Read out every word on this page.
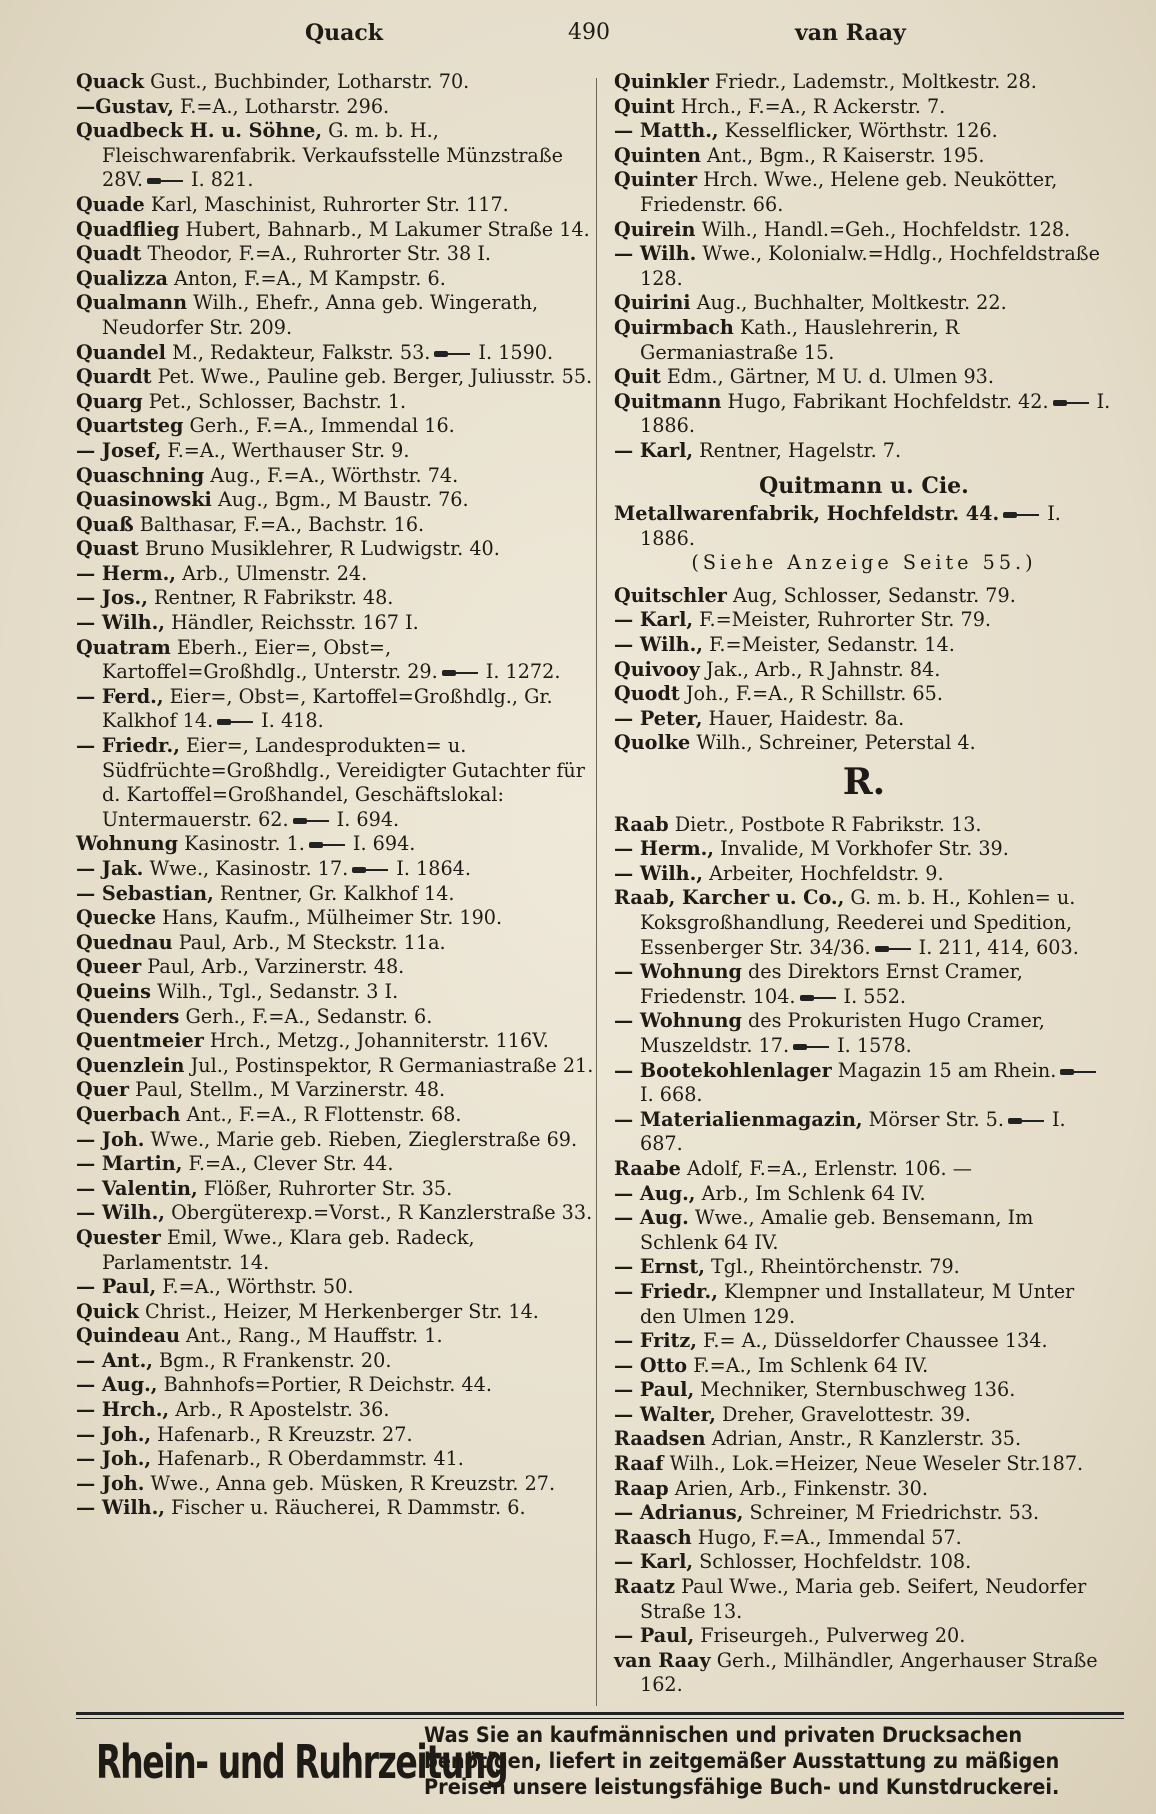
Quack	490	van Raay

Quack Gust., Buchbinder, Lotharstr. 70.

—Gustav, F.=A., Lotharstr. 296.

Quadbeck H. u. Söhne, G. m. b. H., Fleischwarenfabrik. Verkaufsstelle Münzstraße 28V.	I. 821.

Quade Karl, Maschinist, Ruhrorter Str. 117.

Quadflieg Hubert, Bahnarb., M Lakumer Straße 14.

Quadt Theodor, F.=A., Ruhrorter Str. 38 I.

Qualizza Anton, F.=A., M Kampstr. 6.

Qualmann Wilh., Ehefr., Anna geb. Wingerath, Neudorfer Str. 209.

Quandel M., Redakteur, Falkstr. 53.	I. 1590.

Quardt Pet. Wwe., Pauline geb. Berger, Juliusstr. 55.

Quarg Pet., Schlosser, Bachstr. 1.

Quartsteg Gerh., F.=A., Immendal 16.

— Josef, F.=A., Werthauser Str. 9.

Quaschning Aug., F.=A., Wörthstr. 74.

Quasinowski Aug., Bgm., M Baustr. 76.

Quaß Balthasar, F.=A., Bachstr. 16.

Quast Bruno Musiklehrer, R Ludwigstr. 40.

— Herm., Arb., Ulmenstr. 24.

— Jos., Rentner, R Fabrikstr. 48.

— Wilh., Händler, Reichsstr. 167 I.

Quatram Eberh., Eier=, Obst=, Kartoffel=Großhdlg., Unterstr. 29.	I. 1272.

— Ferd., Eier=, Obst=, Kartoffel=Großhdlg., Gr. Kalkhof 14.	I. 418.

— Friedr., Eier=, Landesprodukten= u. Südfrüchte=Großhdlg., Vereidigter Gutachter für d. Kartoffel=Großhandel, Geschäftslokal: Untermauerstr. 62.	I. 694.

Wohnung Kasinostr. 1.	I. 694.

— Jak. Wwe., Kasinostr. 17.	I. 1864.

— Sebastian, Rentner, Gr. Kalkhof 14.

Quecke Hans, Kaufm., Mülheimer Str. 190.

Quednau Paul, Arb., M Steckstr. 11a.

Queer Paul, Arb., Varzinerstr. 48.

Queins Wilh., Tgl., Sedanstr. 3 I.

Quenders Gerh., F.=A., Sedanstr. 6.

Quentmeier Hrch., Metzg., Johanniterstr. 116V.

Quenzlein Jul., Postinspektor, R Germaniastraße 21.

Quer Paul, Stellm., M Varzinerstr. 48.

Querbach Ant., F.=A., R Flottenstr. 68.

— Joh. Wwe., Marie geb. Rieben, Zieglerstraße 69.

— Martin, F.=A., Clever Str. 44.

— Valentin, Flößer, Ruhrorter Str. 35.

— Wilh., Obergüterexp.=Vorst., R Kanzlerstraße 33.

Quester Emil, Wwe., Klara geb. Radeck, Parlamentstr. 14.

— Paul, F.=A., Wörthstr. 50.

Quick Christ., Heizer, M Herkenberger Str. 14.

Quindeau Ant., Rang., M Hauffstr. 1.

— Ant., Bgm., R Frankenstr. 20.

— Aug., Bahnhofs=Portier, R Deichstr. 44.

— Hrch., Arb., R Apostelstr. 36.

— Joh., Hafenarb., R Kreuzstr. 27.

— Joh., Hafenarb., R Oberdammstr. 41.

— Joh. Wwe., Anna geb. Müsken, R Kreuzstr. 27.

— Wilh., Fischer u. Räucherei, R Dammstr. 6.

Quinkler Friedr., Lademstr., Moltkestr. 28.

Quint Hrch., F.=A., R Ackerstr. 7.

— Matth., Kesselflicker, Wörthstr. 126.

Quinten Ant., Bgm., R Kaiserstr. 195.

Quinter Hrch. Wwe., Helene geb. Neukötter, Friedenstr. 66.

Quirein Wilh., Handl.=Geh., Hochfeldstr. 128.

— Wilh. Wwe., Kolonialw.=Hdlg., Hochfeldstraße 128.

Quirini Aug., Buchhalter, Moltkestr. 22.

Quirmbach Kath., Hauslehrerin, R Germaniastraße 15.

Quit Edm., Gärtner, M U. d. Ulmen 93.

Quitmann Hugo, Fabrikant Hochfeldstr. 42.	I. 1886.

— Karl, Rentner, Hagelstr. 7.

Quitmann u. Cie.

Metallwarenfabrik, Hochfeldstr. 44.	I. 1886.

(Siehe Anzeige Seite 55.)

Quitschler Aug, Schlosser, Sedanstr. 79.

— Karl, F.=Meister, Ruhrorter Str. 79.

— Wilh., F.=Meister, Sedanstr. 14.

Quivooy Jak., Arb., R Jahnstr. 84.

Quodt Joh., F.=A., R Schillstr. 65.

— Peter, Hauer, Haidestr. 8a.

Quolke Wilh., Schreiner, Peterstal 4.

R.

Raab Dietr., Postbote R Fabrikstr. 13.

— Herm., Invalide, M Vorkhofer Str. 39.

— Wilh., Arbeiter, Hochfeldstr. 9.

Raab, Karcher u. Co., G. m. b. H., Kohlen= u. Koksgroßhandlung, Reederei und Spedition, Essenberger Str. 34/36.	I. 211, 414, 603.

— Wohnung des Direktors Ernst Cramer, Friedenstr. 104.	I. 552.

— Wohnung des Prokuristen Hugo Cramer, Muszeldstr. 17.	I. 1578.

— Bootekohlenlager Magazin 15 am Rhein.I. 668.

— Materialienmagazin, Mörser Str. 5.	I. 687.

Raabe Adolf, F.=A., Erlenstr. 106. —

— Aug., Arb., Im Schlenk 64 IV.

— Aug. Wwe., Amalie geb. Bensemann, Im Schlenk 64 IV.

— Ernst, Tgl., Rheintörchenstr. 79.

— Friedr., Klempner und Installateur, M Unter den Ulmen 129.

— Fritz, F.= A., Düsseldorfer Chaussee 134.

— Otto F.=A., Im Schlenk 64 IV.

— Paul, Mechniker, Sternbuschweg 136.

— Walter, Dreher, Gravelottestr. 39.

Raadsen Adrian, Anstr., R Kanzlerstr. 35.

Raaf Wilh., Lok.=Heizer, Neue Weseler Str.187.

Raap Arien, Arb., Finkenstr. 30.

— Adrianus, Schreiner, M Friedrichstr. 53.

Raasch Hugo, F.=A., Immendal 57.

— Karl, Schlosser, Hochfeldstr. 108.

Raatz Paul Wwe., Maria geb. Seifert, Neudorfer Straße 13.

— Paul, Friseurgeh., Pulverweg 20.

van Raay Gerh., Milhändler, Angerhauser Straße 162.

Rhein- und Ruhrzeitung
Was Sie an kaufmännischen und privaten Drucksachen
benötigen, liefert in zeitgemäßer Ausstattung zu mäßigen
Preisen unsere leistungsfähige Buch- und Kunstdruckerei.
